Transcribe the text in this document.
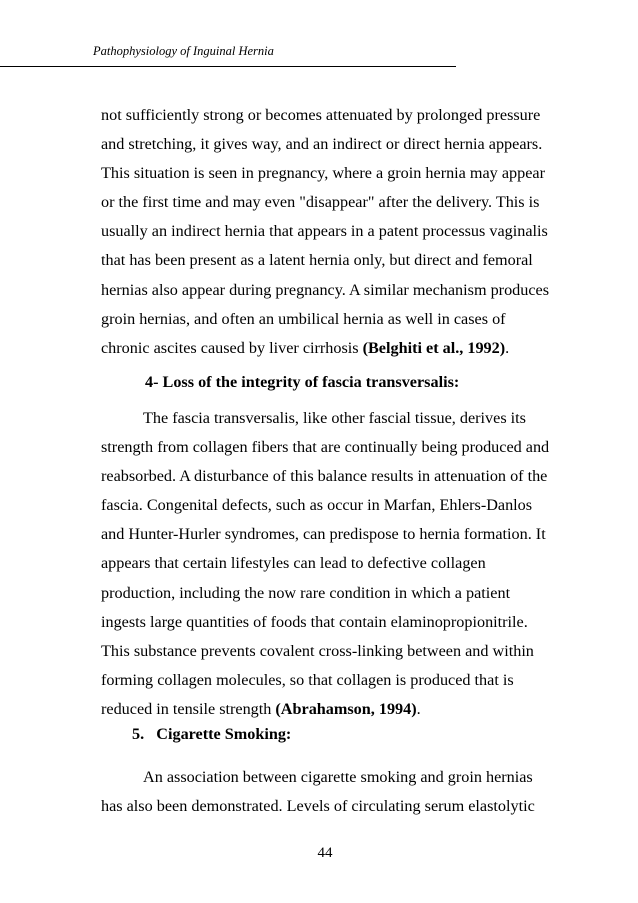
Pathophysiology of Inguinal Hernia
not sufficiently strong or becomes attenuated by prolonged pressure
and stretching, it gives way, and an indirect or direct hernia appears.
This situation is seen in pregnancy, where a groin hernia may appear
or the first time and may even "disappear" after the delivery. This is
usually an indirect hernia that appears in a patent processus vaginalis
that has been present as a latent hernia only, but direct and femoral
hernias also appear during pregnancy. A similar mechanism produces
groin hernias, and often an umbilical hernia as well in cases of
chronic ascites caused by liver cirrhosis (Belghiti et al., 1992).
4- Loss of the integrity of fascia transversalis:
The fascia transversalis, like other fascial tissue, derives its
strength from collagen fibers that are continually being produced and
reabsorbed. A disturbance of this balance results in attenuation of the
fascia. Congenital defects, such as occur in Marfan, Ehlers-Danlos
and Hunter-Hurler syndromes, can predispose to hernia formation. It
appears that certain lifestyles can lead to defective collagen
production, including the now rare condition in which a patient
ingests large quantities of foods that contain elaminopropionitrile.
This substance prevents covalent cross-linking between and within
forming collagen molecules, so that collagen is produced that is
reduced in tensile strength (Abrahamson, 1994).
5.   Cigarette Smoking:
An association between cigarette smoking and groin hernias
has also been demonstrated. Levels of circulating serum elastolytic
44
